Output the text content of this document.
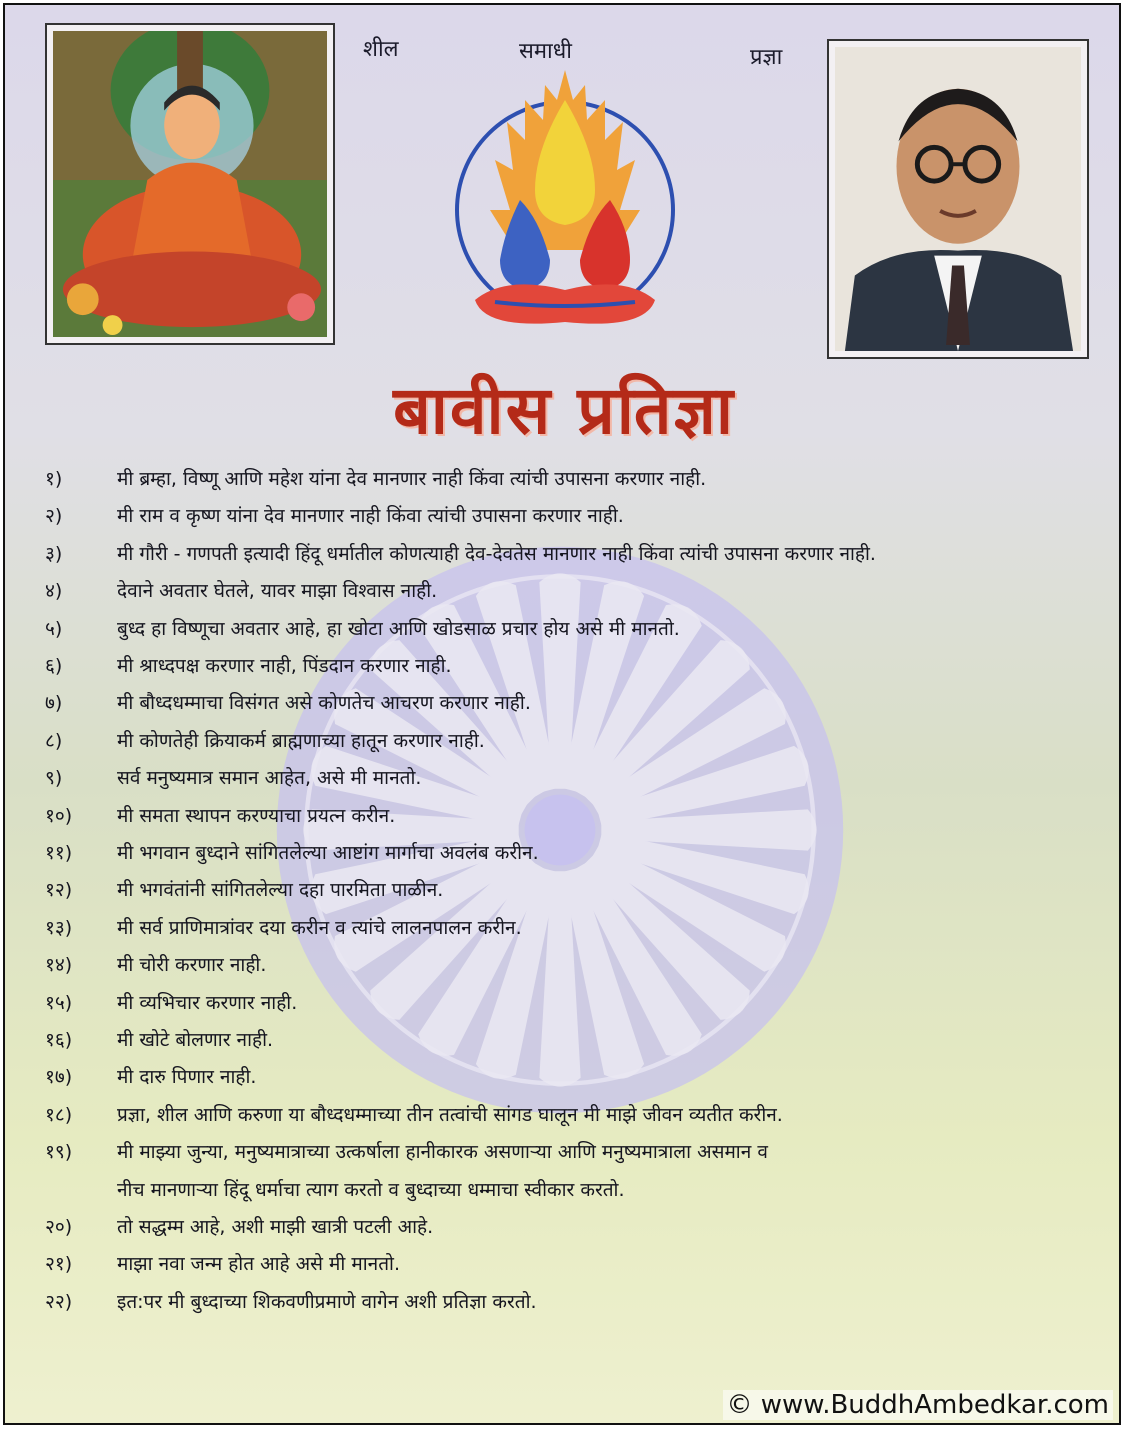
शील	समाधी	प्रज्ञा
बावीस प्रतिज्ञा
१)	मी ब्रम्हा, विष्णू आणि महेश यांना देव मानणार नाही किंवा त्यांची उपासना करणार नाही.
२)	मी राम व कृष्ण यांना देव मानणार नाही किंवा त्यांची उपासना करणार नाही.
३)	मी गौरी - गणपती इत्यादी हिंदू धर्मातील कोणत्याही देव-देवतेस मानणार नाही किंवा त्यांची उपासना करणार नाही.
४)	देवाने अवतार घेतले, यावर माझा विश्वास नाही.
५)	बुध्द हा विष्णूचा अवतार आहे, हा खोटा आणि खोडसाळ प्रचार होय असे मी मानतो.
६)	मी श्राध्दपक्ष करणार नाही, पिंडदान करणार नाही.
७)	मी बौध्दधम्माचा विसंगत असे कोणतेच आचरण करणार नाही.
८)	मी कोणतेही क्रियाकर्म ब्राह्मणाच्या हातून करणार नाही.
९)	सर्व मनुष्यमात्र समान आहेत, असे मी मानतो.
१०) मी समता स्थापन करण्याचा प्रयत्न करीन.
११) मी भगवान बुध्दाने सांगितलेल्या आष्टांग मार्गाचा अवलंब करीन.
१२) मी भगवंतांनी सांगितलेल्या दहा पारमिता पाळीन.
१३) मी सर्व प्राणिमात्रांवर दया करीन व त्यांचे लालनपालन करीन.
१४) मी चोरी करणार नाही.
१५) मी व्यभिचार करणार नाही.
१६) मी खोटे बोलणार नाही.
१७) मी दारु पिणार नाही.
१८) प्रज्ञा, शील आणि करुणा या बौध्दधम्माच्या तीन तत्वांची सांगड घालून मी माझे जीवन व्यतीत करीन.
१९) मी माझ्या जुन्या, मनुष्यमात्राच्या उत्कर्षाला हानीकारक असणाऱ्या आणि मनुष्यमात्राला असमान व
नीच मानणाऱ्या हिंदू धर्माचा त्याग करतो व बुध्दाच्या धम्माचा स्वीकार करतो.
२०) तो सद्धम्म आहे, अशी माझी खात्री पटली आहे.
२१) माझा नवा जन्म होत आहे असे मी मानतो.
२२) इत:पर मी बुध्दाच्या शिकवणीप्रमाणे वागेन अशी प्रतिज्ञा करतो.
© www.BuddhAmbedkar.com
